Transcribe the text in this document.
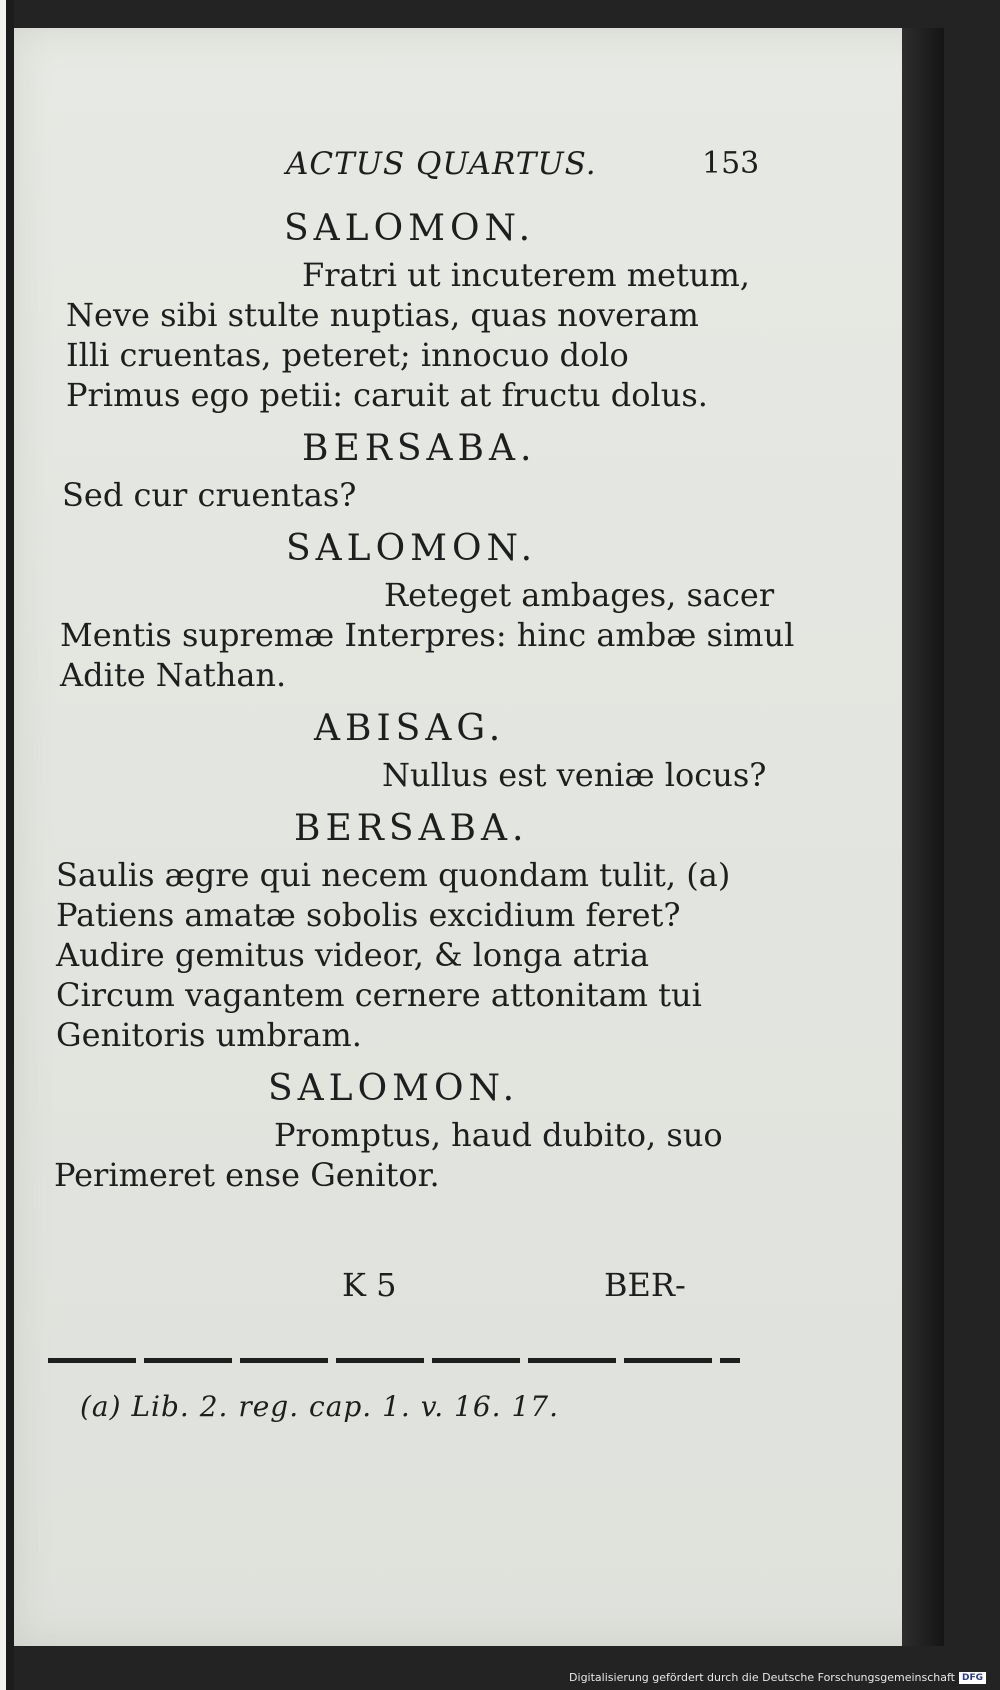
ACTUS QUARTUS.	153
SALOMON.
Fratri ut incuterem metum,
Neve sibi stulte nuptias, quas noveram
Illi cruentas, peteret; innocuo dolo
Primus ego petii: caruit at fructu dolus.
BERSABA.
Sed cur cruentas?
SALOMON.
Reteget ambages, sacer
Mentis supremæ Interpres: hinc ambæ simul
Adite Nathan.
ABISAG.
Nullus est veniæ locus?
BERSABA.
Saulis ægre qui necem quondam tulit, (a)
Patiens amatæ sobolis excidium feret?
Audire gemitus videor, & longa atria
Circum vagantem cernere attonitam tui
Genitoris umbram.
SALOMON.
Promptus, haud dubito, suo
Perimeret ense Genitor.
K 5	BER-
(a) Lib. 2. reg. cap. 1. v. 16. 17.
Digitalisierung gefördert durch die Deutsche Forschungsgemeinschaft DFG
